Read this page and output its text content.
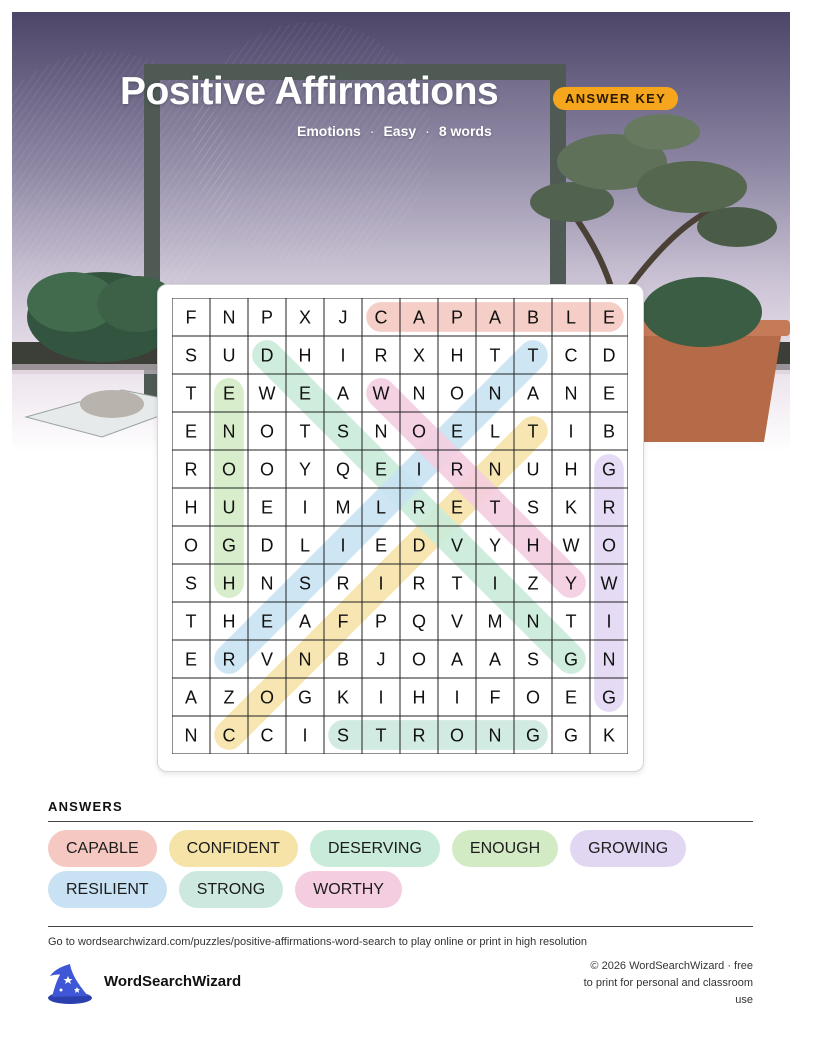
Positive Affirmations	ANSWER KEY
Emotions · Easy · 8 words
F N P X J C A P A B L E
S U D H I R X H T T C D
T E W E A W N O N A N E
E N O T S N O E L T I B
R O O Y Q E I R N U H G
H U E I M L R E T S K R
O G D L I E D V Y H W O
S H N S R I R T I Z Y W
T H E A F P Q V M N T I
E R V N B J O A A S G N
A Z O G K I H I F O E G
N C C I S T R O N G G K
ANSWERS
CAPABLE	CONFIDENT	DESERVING	ENOUGH	GROWING
RESILIENT	STRONG	WORTHY
Go to wordsearchwizard.com/puzzles/positive-affirmations-word-search to play online or print in high resolution
WordSearchWizard
© 2026 WordSearchWizard · free to print for personal and classroom use
